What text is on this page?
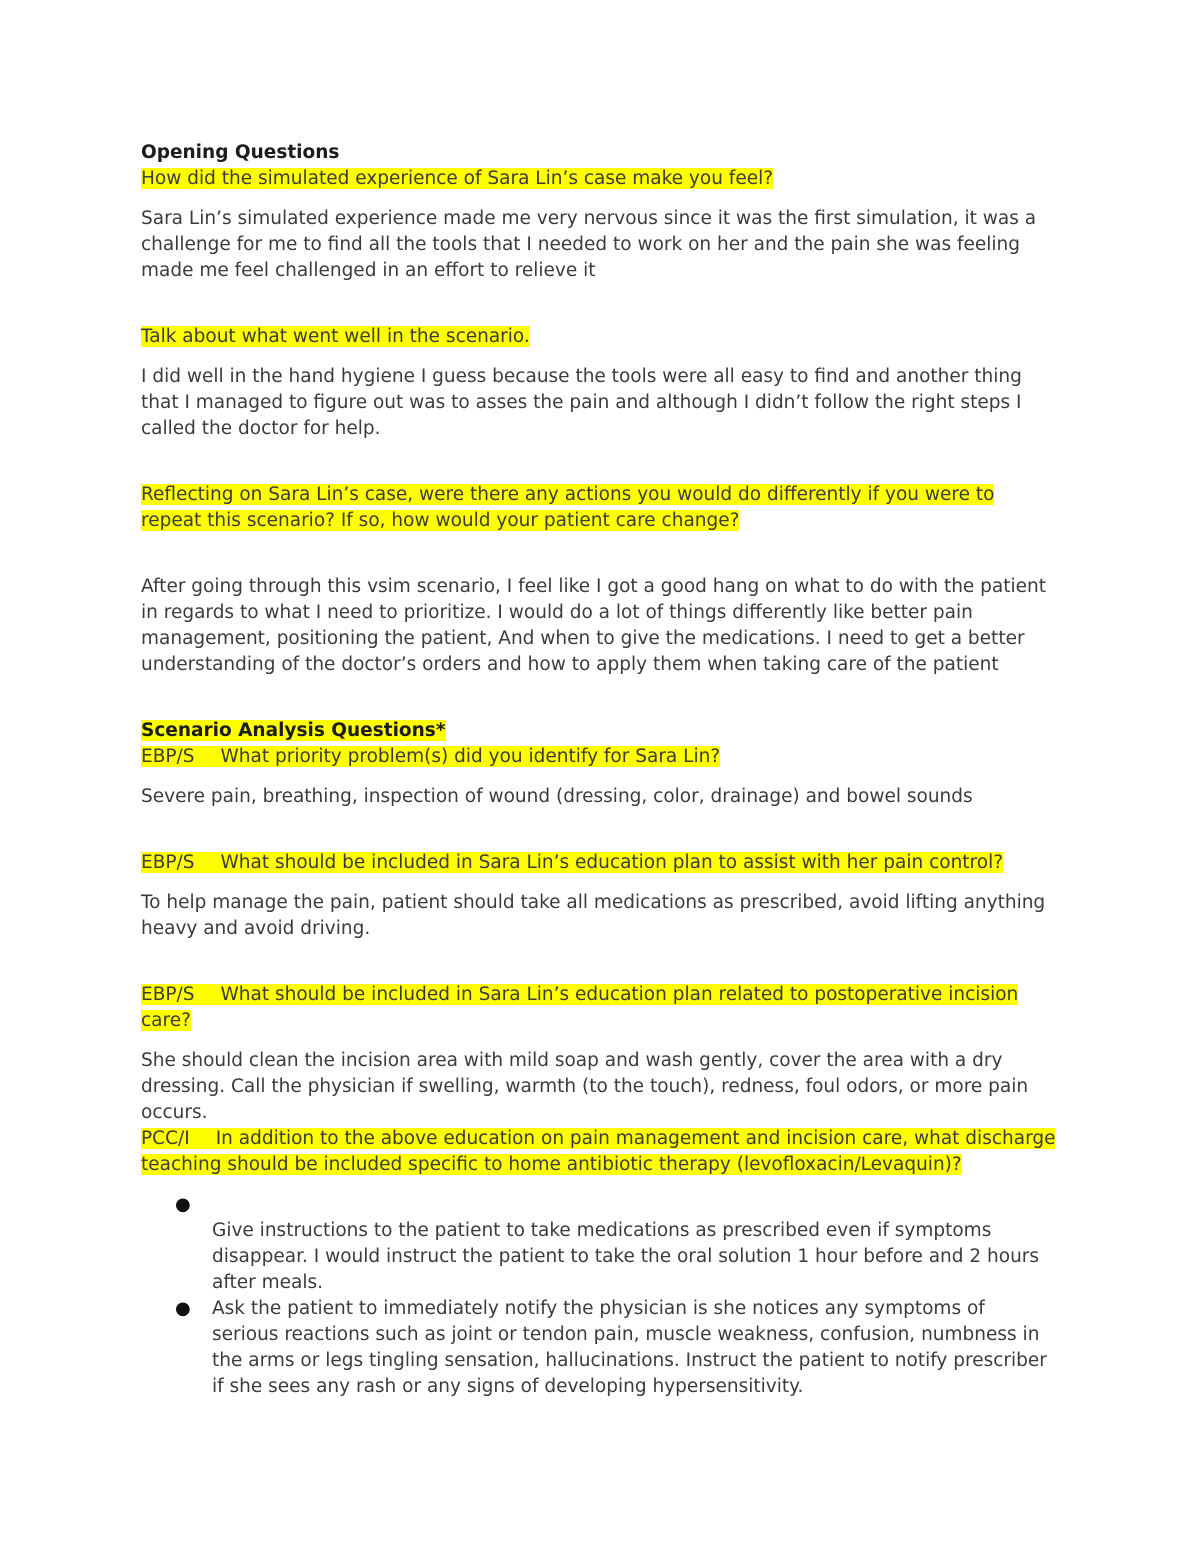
Opening Questions

How did the simulated experience of Sara Lin’s case make you feel?

Sara Lin’s simulated experience made me very nervous since it was the first simulation, it was a challenge for me to find all the tools that I needed to work on her and the pain she was feeling made me feel challenged in an effort to relieve it

Talk about what went well in the scenario.

I did well in the hand hygiene I guess because the tools were all easy to find and another thing that I managed to figure out was to asses the pain and although I didn’t follow the right steps I called the doctor for help.

Reflecting on Sara Lin’s case, were there any actions you would do differently if you were to repeat this scenario? If so, how would your patient care change?

After going through this vsim scenario, I feel like I got a good hang on what to do with the patient in regards to what I need to prioritize. I would do a lot of things differently like better pain management, positioning the patient, And when to give the medications. I need to get a better understanding of the doctor’s orders and how to apply them when taking care of the patient

Scenario Analysis Questions*

EBP/S What priority problem(s) did you identify for Sara Lin?

Severe pain, breathing, inspection of wound (dressing, color, drainage) and bowel sounds

EBP/S What should be included in Sara Lin’s education plan to assist with her pain control?

To help manage the pain, patient should take all medications as prescribed, avoid lifting anything heavy and avoid driving.

EBP/S What should be included in Sara Lin’s education plan related to postoperative incision care?

She should clean the incision area with mild soap and wash gently, cover the area with a dry dressing. Call the physician if swelling, warmth (to the touch), redness, foul odors, or more pain occurs.

PCC/I In addition to the above education on pain management and incision care, what discharge teaching should be included specific to home antibiotic therapy (levofloxacin/Levaquin)?

●
Give instructions to the patient to take medications as prescribed even if symptoms disappear. I would instruct the patient to take the oral solution 1 hour before and 2 hours after meals.
● Ask the patient to immediately notify the physician is she notices any symptoms of serious reactions such as joint or tendon pain, muscle weakness, confusion, numbness in the arms or legs tingling sensation, hallucinations. Instruct the patient to notify prescriber if she sees any rash or any signs of developing hypersensitivity.
